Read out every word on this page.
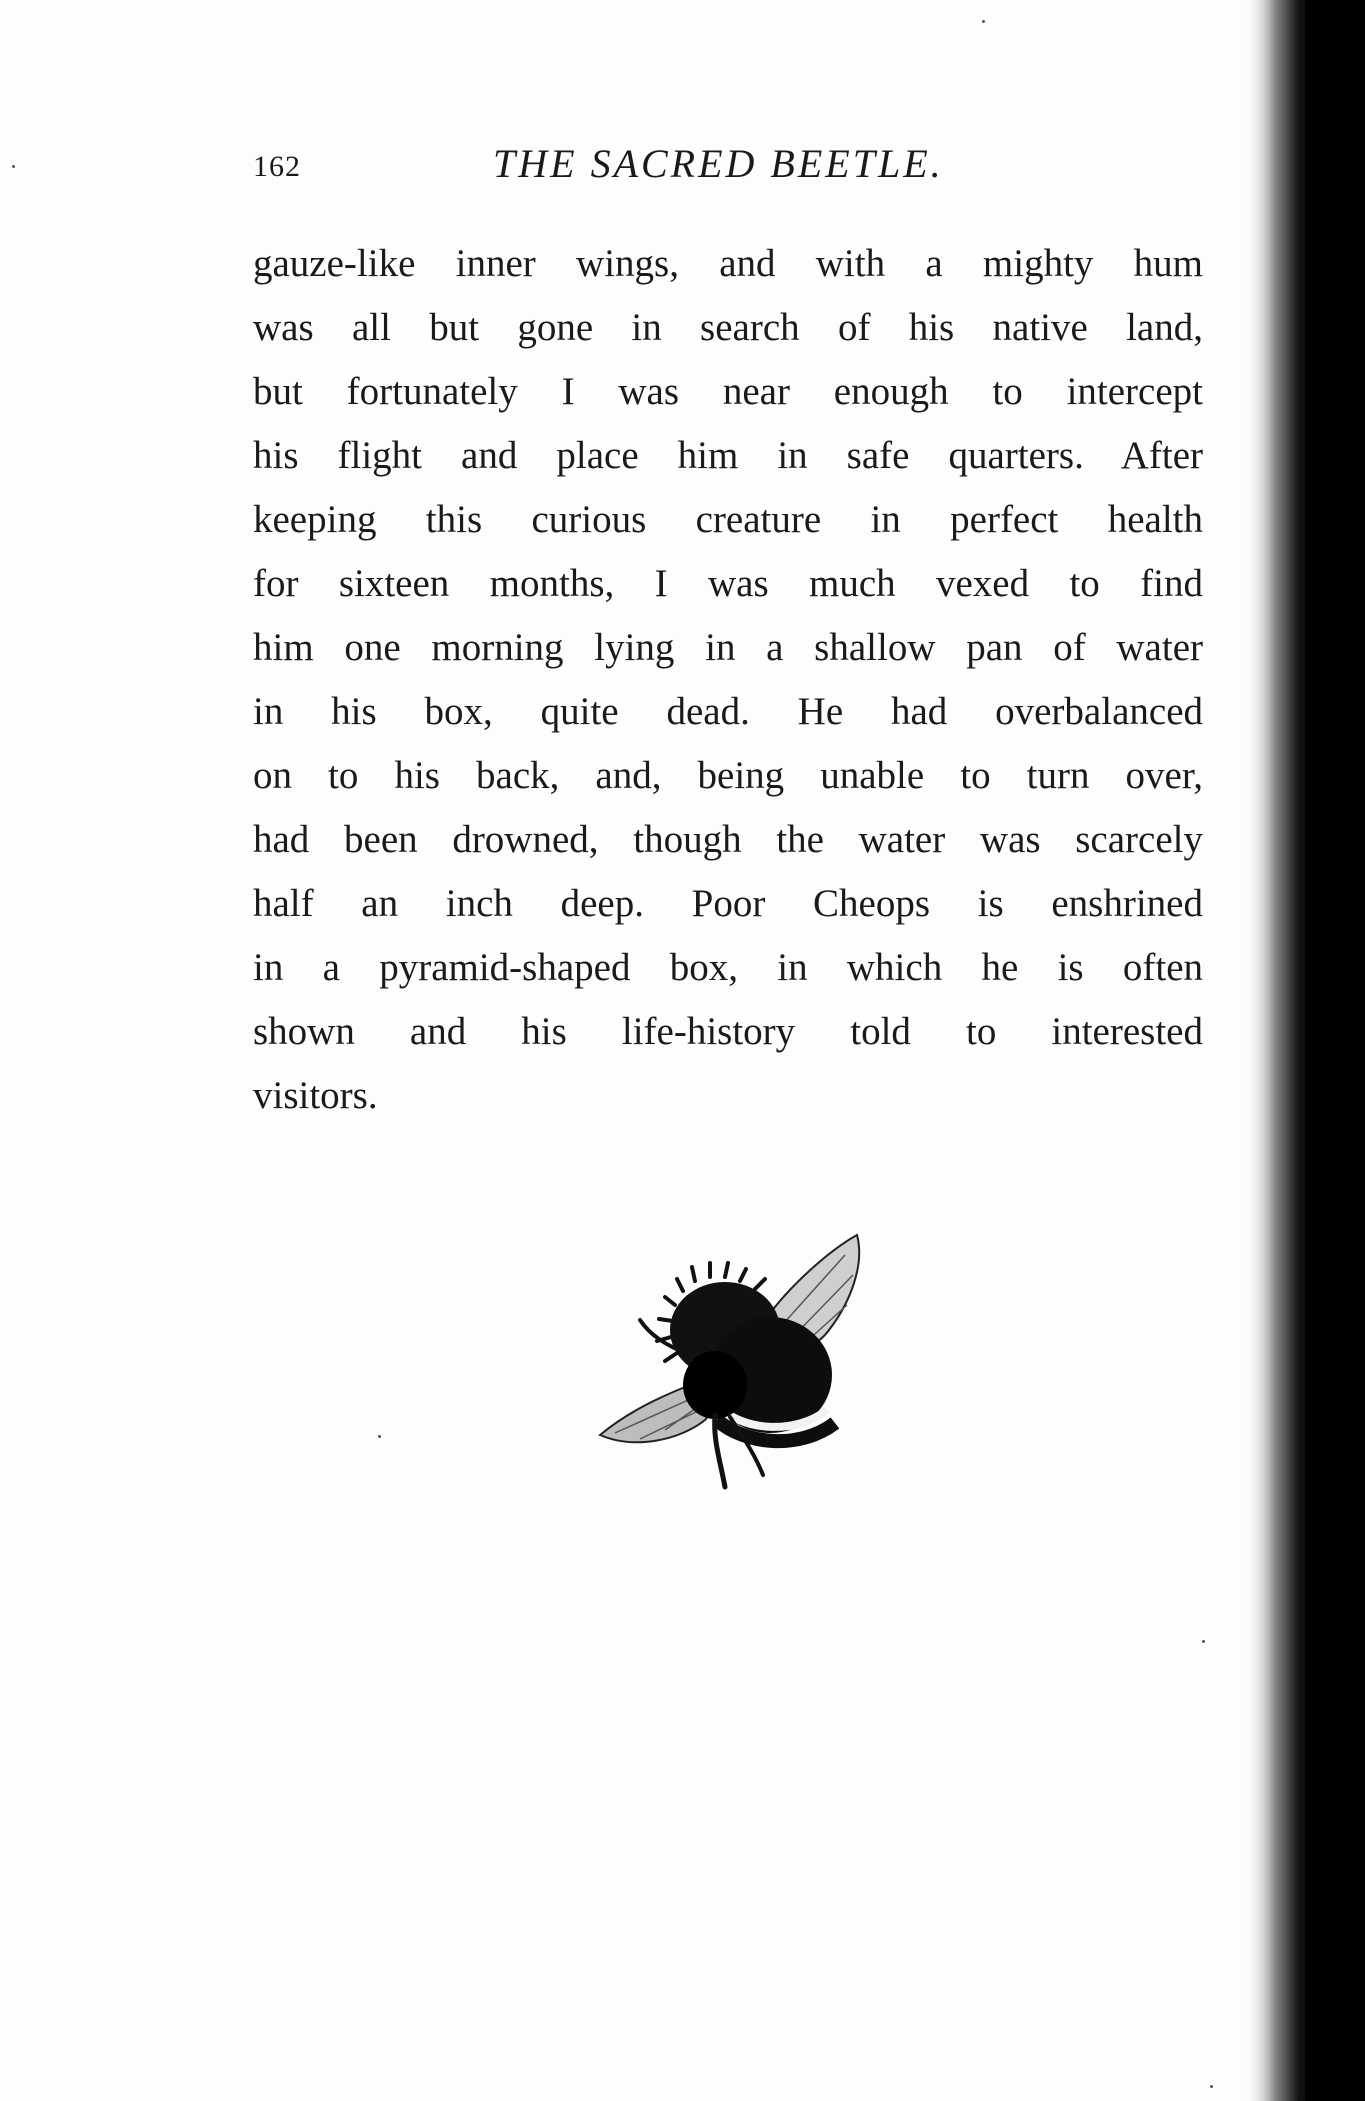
162	THE SACRED BEETLE.
gauze-like inner wings, and with a mighty hum
was all but gone in search of his native land,
but fortunately I was near enough to intercept
his flight and place him in safe quarters. After
keeping this curious creature in perfect health
for sixteen months, I was much vexed to find
him one morning lying in a shallow pan of water
in his box, quite dead. He had overbalanced
on to his back, and, being unable to turn over,
had been drowned, though the water was scarcely
half an inch deep. Poor Cheops is enshrined
in a pyramid-shaped box, in which he is often
shown and his life-history told to interested
visitors.
